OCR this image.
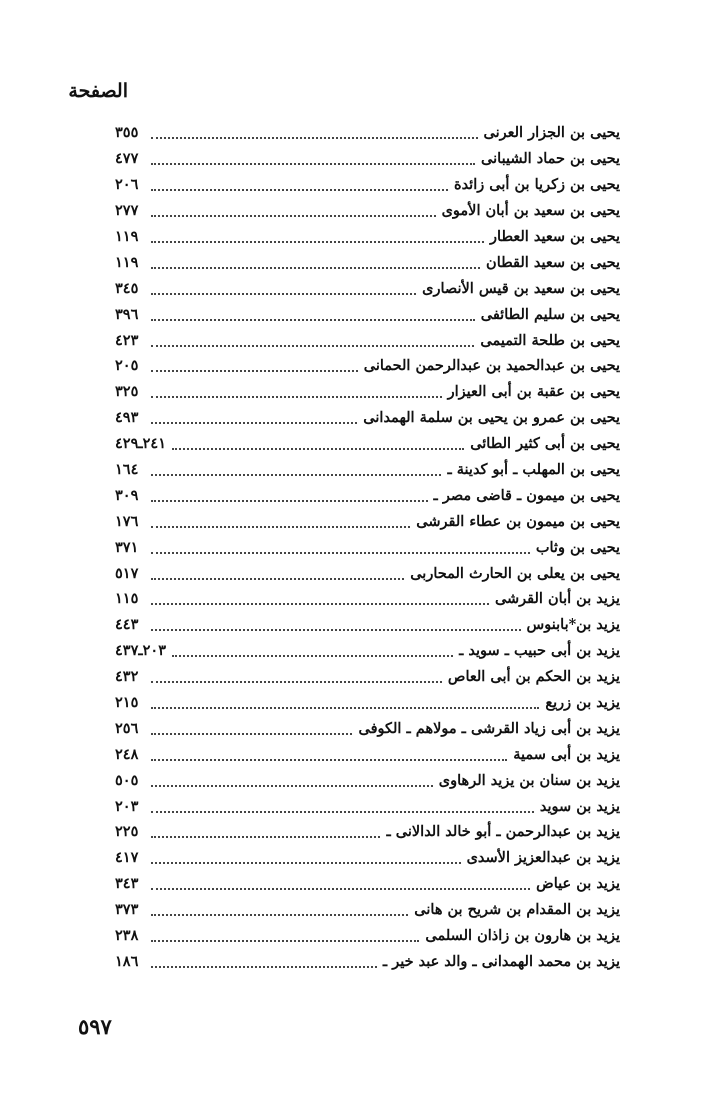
الصفحة
يحيى بن الجزار العرنى
٣٥٥
يحيى بن حماد الشيبانى
٤٧٧
يحيى بن زكريا بن أبى زائدة
٢٠٦
يحيى بن سعيد بن أبان الأموى
٢٧٧
يحيى بن سعيد العطار
١١٩
يحيى بن سعيد القطان
١١٩
يحيى بن سعيد بن قيس الأنصارى
٣٤٥
يحيى بن سليم الطائفى
٣٩٦
يحيى بن طلحة التميمى
٤٢٣
يحيى بن عبدالحميد بن عبدالرحمن الحمانى
٢٠٥
يحيى بن عقبة بن أبى العيزار
٣٢٥
يحيى بن عمرو بن يحيى بن سلمة الهمدانى
٤٩٣
يحيى بن أبى كثير الطائى
٢٤١ـ٤٢٩
يحيى بن المهلب ـ أبو كدينة ـ
١٦٤
يحيى بن ميمون ـ قاضى مصر ـ
٣٠٩
يحيى بن ميمون بن عطاء القرشى
١٧٦
يحيى بن وثاب
٣٧١
يحيى بن يعلى بن الحارث المحاربى
٥١٧
يزيد بن أبان القرشى
١١٥
يزيد بن*بابنوس
٤٤٣
يزيد بن أبى حبيب ـ سويد ـ
٢٠٣ـ٤٣٧
يزيد بن الحكم بن أبى العاص
٤٣٢
يزيد بن زريع
٢١٥
يزيد بن أبى زياد القرشى ـ مولاهم ـ الكوفى
٢٥٦
يزيد بن أبى سمية
٢٤٨
يزيد بن سنان بن يزيد الرهاوى
٥٠٥
يزيد بن سويد
٢٠٣
يزيد بن عبدالرحمن ـ أبو خالد الدالانى ـ
٢٢٥
يزيد بن عبدالعزيز الأسدى
٤١٧
يزيد بن عياض
٣٤٣
يزيد بن المقدام بن شريح بن هانى
٣٧٣
يزيد بن هارون بن زاذان السلمى
٢٣٨
يزيد بن محمد الهمدانى ـ والد عبد خير ـ
١٨٦
٥٩٧
